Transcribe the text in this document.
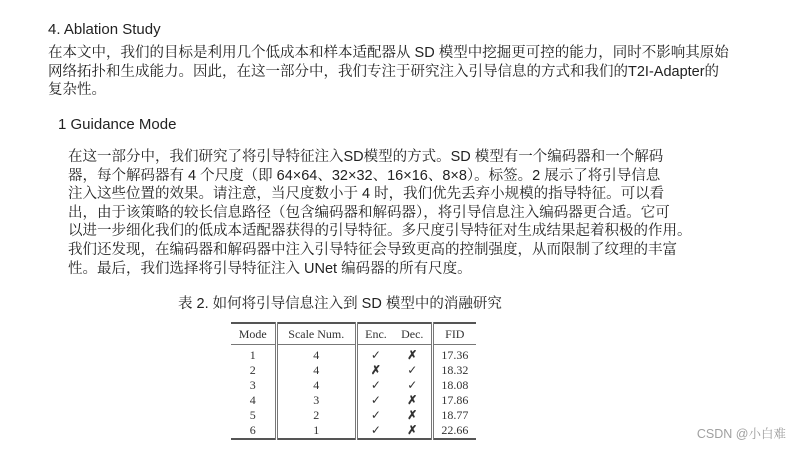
4. Ablation Study
在本文中，我们的目标是利用几个低成本和样本适配器从 SD 模型中挖掘更可控的能力，同时不影响其原始
网络拓扑和生成能力。因此，在这一部分中，我们专注于研究注入引导信息的方式和我们的T2I-Adapter的
复杂性。
1 Guidance Mode
在这一部分中，我们研究了将引导特征注入SD模型的方式。SD 模型有一个编码器和一个解码
器，每个解码器有 4 个尺度（即 64×64、32×32、16×16、8×8）。标签。2 展示了将引导信息
注入这些位置的效果。请注意，当尺度数小于 4 时，我们优先丢弃小规模的指导特征。可以看
出，由于该策略的较长信息路径（包含编码器和解码器），将引导信息注入编码器更合适。它可
以进一步细化我们的低成本适配器获得的引导特征。多尺度引导特征对生成结果起着积极的作用。
我们还发现，在编码器和解码器中注入引导特征会导致更高的控制强度，从而限制了纹理的丰富
性。最后，我们选择将引导特征注入 UNet 编码器的所有尺度。
表 2. 如何将引导信息注入到 SD 模型中的消融研究
Mode	Scale Num.	Enc.	Dec.	FID
1	4	✓	✗	17.36
2	4	✗	✓	18.32
3	4	✓	✓	18.08
4	3	✓	✗	17.86
5	2	✓	✗	18.77
6	1	✓	✗	22.66	CSDN @小白难
